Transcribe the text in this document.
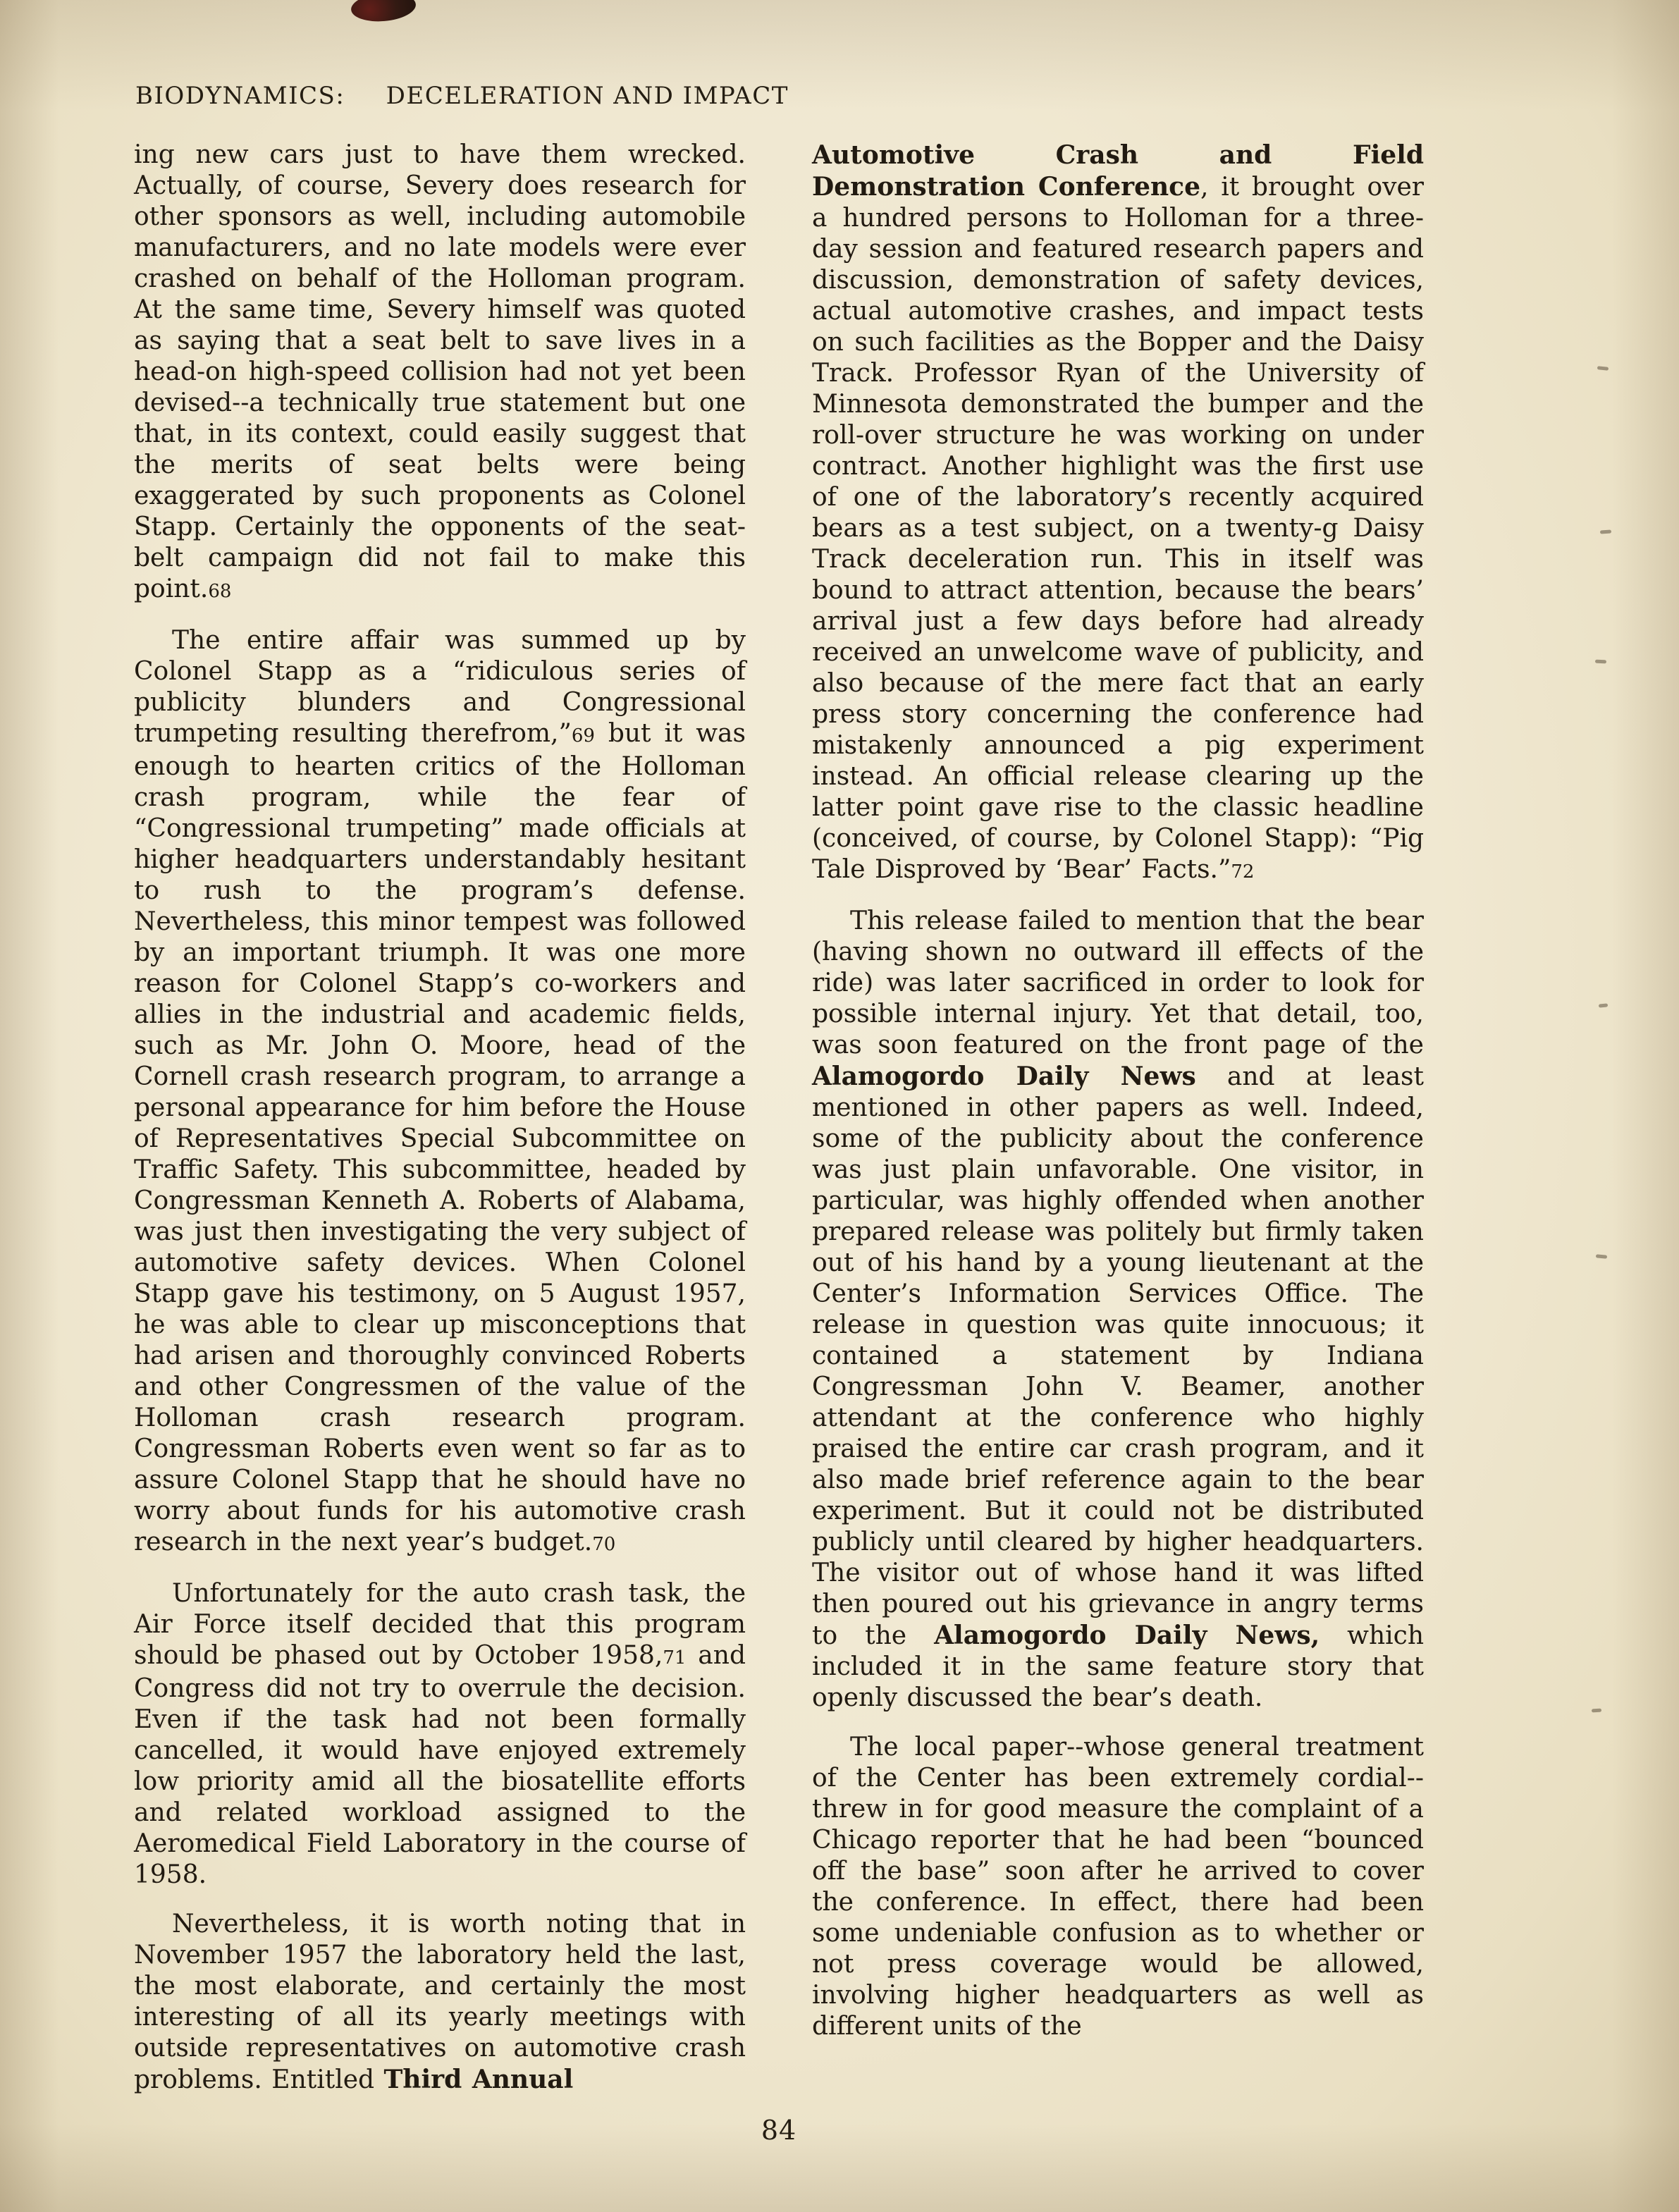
BIODYNAMICS: DECELERATION AND IMPACT

ing new cars just to have them wrecked. Actually, of course, Severy does research for other sponsors as well, including automobile manufacturers, and no late models were ever crashed on behalf of the Holloman program. At the same time, Severy himself was quoted as saying that a seat belt to save lives in a head-on high-speed collision had not yet been devised--a technically true statement but one that, in its context, could easily suggest that the merits of seat belts were being exaggerated by such proponents as Colonel Stapp. Certainly the opponents of the seat-belt campaign did not fail to make this point.68

The entire affair was summed up by Colonel Stapp as a “ridiculous series of publicity blunders and Congressional trumpeting resulting therefrom,”69 but it was enough to hearten critics of the Holloman crash program, while the fear of “Congressional trumpeting” made officials at higher headquarters understandably hesitant to rush to the program’s defense. Nevertheless, this minor tempest was followed by an important triumph. It was one more reason for Colonel Stapp’s co-workers and allies in the industrial and academic fields, such as Mr. John O. Moore, head of the Cornell crash research program, to arrange a personal appearance for him before the House of Representatives Special Subcommittee on Traffic Safety. This subcommittee, headed by Congressman Kenneth A. Roberts of Alabama, was just then investigating the very subject of automotive safety devices. When Colonel Stapp gave his testimony, on 5 August 1957, he was able to clear up misconceptions that had arisen and thoroughly convinced Roberts and other Congressmen of the value of the Holloman crash research program. Congressman Roberts even went so far as to assure Colonel Stapp that he should have no worry about funds for his automotive crash research in the next year’s budget.70

Unfortunately for the auto crash task, the Air Force itself decided that this program should be phased out by October 1958,71 and Congress did not try to overrule the decision. Even if the task had not been formally cancelled, it would have enjoyed extremely low priority amid all the biosatellite efforts and related workload assigned to the Aeromedical Field Laboratory in the course of 1958.

Nevertheless, it is worth noting that in November 1957 the laboratory held the last, the most elaborate, and certainly the most interesting of all its yearly meetings with outside representatives on automotive crash problems. Entitled Third Annual

Automotive Crash and Field Demonstration Conference, it brought over a hundred persons to Holloman for a three-day session and featured research papers and discussion, demonstration of safety devices, actual automotive crashes, and impact tests on such facilities as the Bopper and the Daisy Track. Professor Ryan of the University of Minnesota demonstrated the bumper and the roll-over structure he was working on under contract. Another highlight was the first use of one of the laboratory’s recently acquired bears as a test subject, on a twenty-g Daisy Track deceleration run. This in itself was bound to attract attention, because the bears’ arrival just a few days before had already received an unwelcome wave of publicity, and also because of the mere fact that an early press story concerning the conference had mistakenly announced a pig experiment instead. An official release clearing up the latter point gave rise to the classic headline (conceived, of course, by Colonel Stapp): “Pig Tale Disproved by ‘Bear’ Facts.”72

This release failed to mention that the bear (having shown no outward ill effects of the ride) was later sacrificed in order to look for possible internal injury. Yet that detail, too, was soon featured on the front page of the Alamogordo Daily News and at least mentioned in other papers as well. Indeed, some of the publicity about the conference was just plain unfavorable. One visitor, in particular, was highly offended when another prepared release was politely but firmly taken out of his hand by a young lieutenant at the Center’s Information Services Office. The release in question was quite innocuous; it contained a statement by Indiana Congressman John V. Beamer, another attendant at the conference who highly praised the entire car crash program, and it also made brief reference again to the bear experiment. But it could not be distributed publicly until cleared by higher headquarters. The visitor out of whose hand it was lifted then poured out his grievance in angry terms to the Alamogordo Daily News, which included it in the same feature story that openly discussed the bear’s death.

The local paper--whose general treatment of the Center has been extremely cordial--threw in for good measure the complaint of a Chicago reporter that he had been “bounced off the base” soon after he arrived to cover the conference. In effect, there had been some undeniable confusion as to whether or not press coverage would be allowed, involving higher headquarters as well as different units of the

84
